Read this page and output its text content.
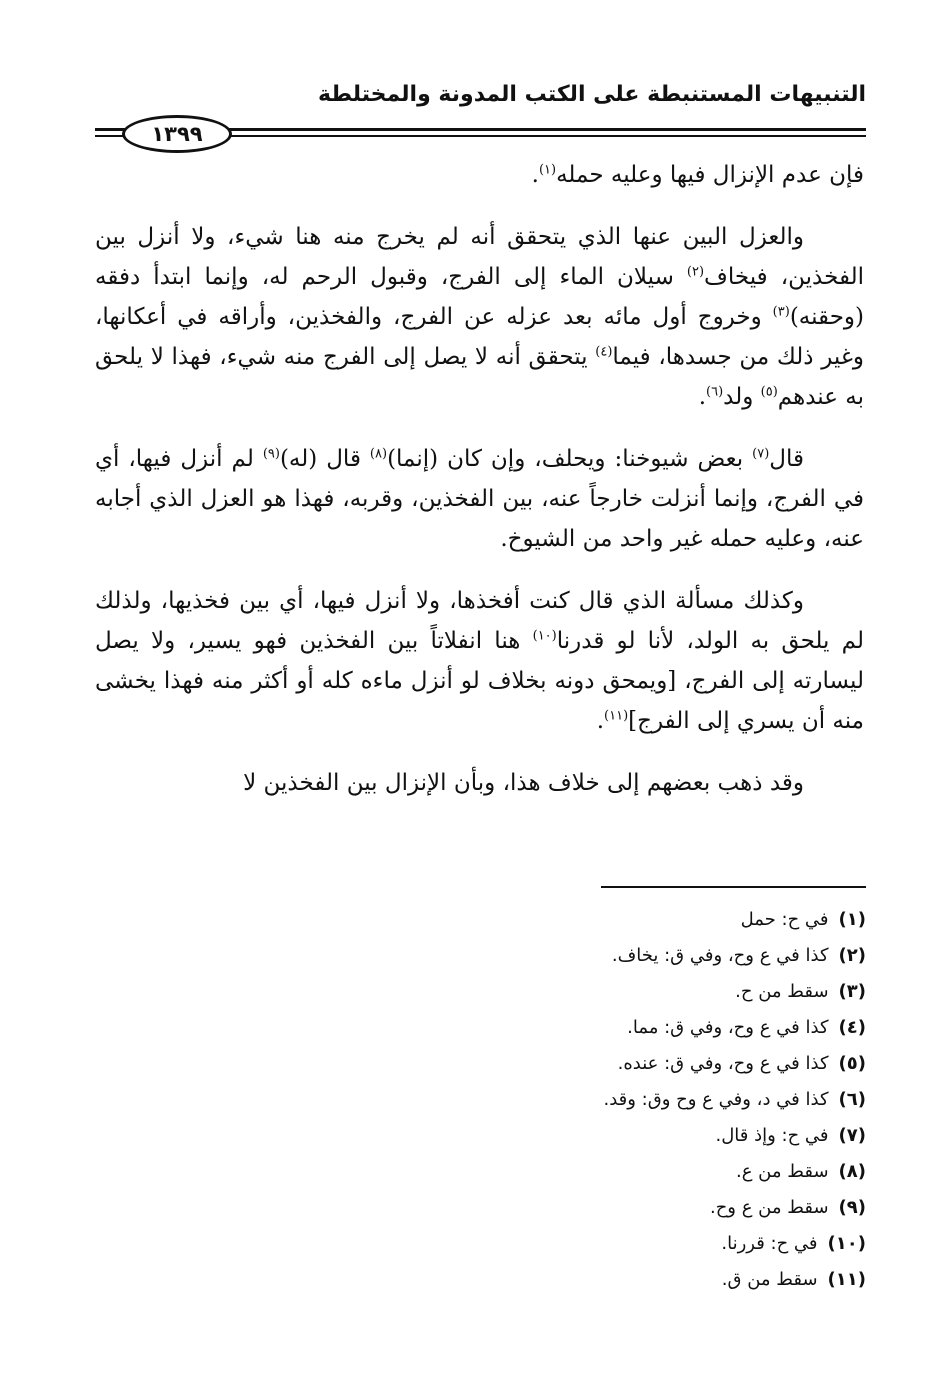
التنبيهات المستنبطة على الكتب المدونة والمختلطة
١٣٩٩

فإن عدم الإنزال فيها وعليه حمله$^{(١)}$.

والعزل البين عنها الذي يتحقق أنه لم يخرج منه هنا شيء، ولا أنزل بين الفخذين، فيخاف$^{(٢)}$ سيلان الماء إلى الفرج، وقبول الرحم له، وإنما ابتدأ دفقه (وحقنه)$^{(٣)}$ وخروج أول مائه بعد عزله عن الفرج، والفخذين، وأراقه في أعكانها، وغير ذلك من جسدها، فيما$^{(٤)}$ يتحقق أنه لا يصل إلى الفرج منه شيء، فهذا لا يلحق به عندهم$^{(٥)}$ ولد$^{(٦)}$.

قال$^{(٧)}$ بعض شيوخنا: ويحلف، وإن كان (إنما)$^{(٨)}$ قال (له)$^{(٩)}$ لم أنزل فيها، أي في الفرج، وإنما أنزلت خارجاً عنه، بين الفخذين، وقربه، فهذا هو العزل الذي أجابه عنه، وعليه حمله غير واحد من الشيوخ.

وكذلك مسألة الذي قال كنت أفخذها، ولا أنزل فيها، أي بين فخذيها، ولذلك لم يلحق به الولد، لأنا لو قدرنا$^{(١٠)}$ هنا انفلاتاً بين الفخذين فهو يسير، ولا يصل ليسارته إلى الفرج، [ويمحق دونه بخلاف لو أنزل ماءه كله أو أكثر منه فهذا يخشى منه أن يسري إلى الفرج]$^{(١١)}$.

وقد ذهب بعضهم إلى خلاف هذا، وبأن الإنزال بين الفخذين لا

(١)في ح: حمل
(٢)كذا في ع وح، وفي ق: يخاف.
(٣)سقط من ح.
(٤)كذا في ع وح، وفي ق: مما.
(٥)كذا في ع وح، وفي ق: عنده.
(٦)كذا في د، وفي ع وح وق: وقد.
(٧)في ح: وإذ قال.
(٨)سقط من ع.
(٩)سقط من ع وح.
(١٠)في ح: قررنا.
(١١)سقط من ق.
